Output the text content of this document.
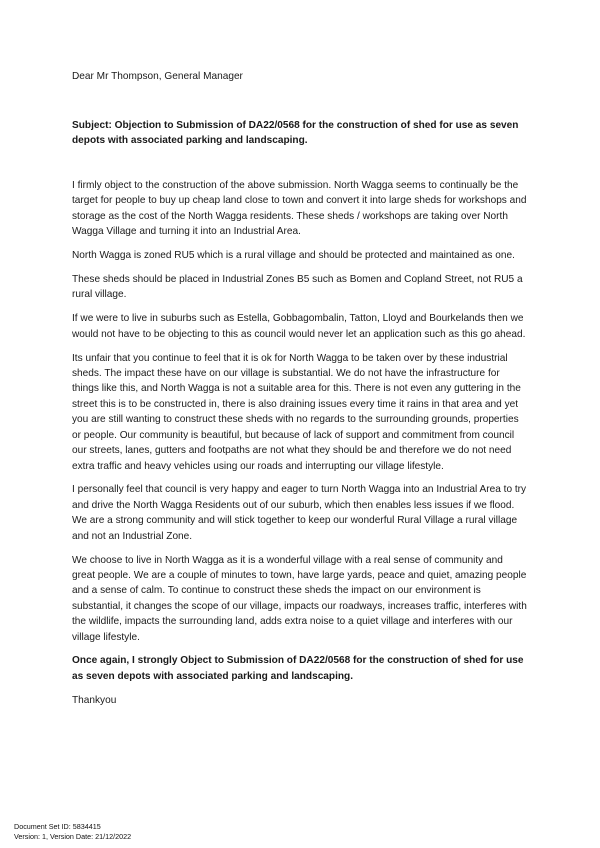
Dear Mr Thompson, General Manager

Subject: Objection to Submission of DA22/0568 for the construction of shed for use as seven depots with associated parking and landscaping.

I firmly object to the construction of the above submission. North Wagga seems to continually be the target for people to buy up cheap land close to town and convert it into large sheds for workshops and storage as the cost of the North Wagga residents. These sheds / workshops are taking over North Wagga Village and turning it into an Industrial Area.

North Wagga is zoned RU5 which is a rural village and should be protected and maintained as one.

These sheds should be placed in Industrial Zones B5 such as Bomen and Copland Street, not RU5 a rural village.

If we were to live in suburbs such as Estella, Gobbagombalin, Tatton, Lloyd and Bourkelands then we would not have to be objecting to this as council would never let an application such as this go ahead.

Its unfair that you continue to feel that it is ok for North Wagga to be taken over by these industrial sheds. The impact these have on our village is substantial. We do not have the infrastructure for things like this, and North Wagga is not a suitable area for this. There is not even any guttering in the street this is to be constructed in, there is also draining issues every time it rains in that area and yet you are still wanting to construct these sheds with no regards to the surrounding grounds, properties or people. Our community is beautiful, but because of lack of support and commitment from council our streets, lanes, gutters and footpaths are not what they should be and therefore we do not need extra traffic and heavy vehicles using our roads and interrupting our village lifestyle.

I personally feel that council is very happy and eager to turn North Wagga into an Industrial Area to try and drive the North Wagga Residents out of our suburb, which then enables less issues if we flood. We are a strong community and will stick together to keep our wonderful Rural Village a rural village and not an Industrial Zone.

We choose to live in North Wagga as it is a wonderful village with a real sense of community and great people. We are a couple of minutes to town, have large yards, peace and quiet, amazing people and a sense of calm. To continue to construct these sheds the impact on our environment is substantial, it changes the scope of our village, impacts our roadways, increases traffic, interferes with the wildlife, impacts the surrounding land, adds extra noise to a quiet village and interferes with our village lifestyle.

Once again, I strongly Object to Submission of DA22/0568 for the construction of shed for use as seven depots with associated parking and landscaping.

Thankyou

Document Set ID: 5834415
Version: 1, Version Date: 21/12/2022
